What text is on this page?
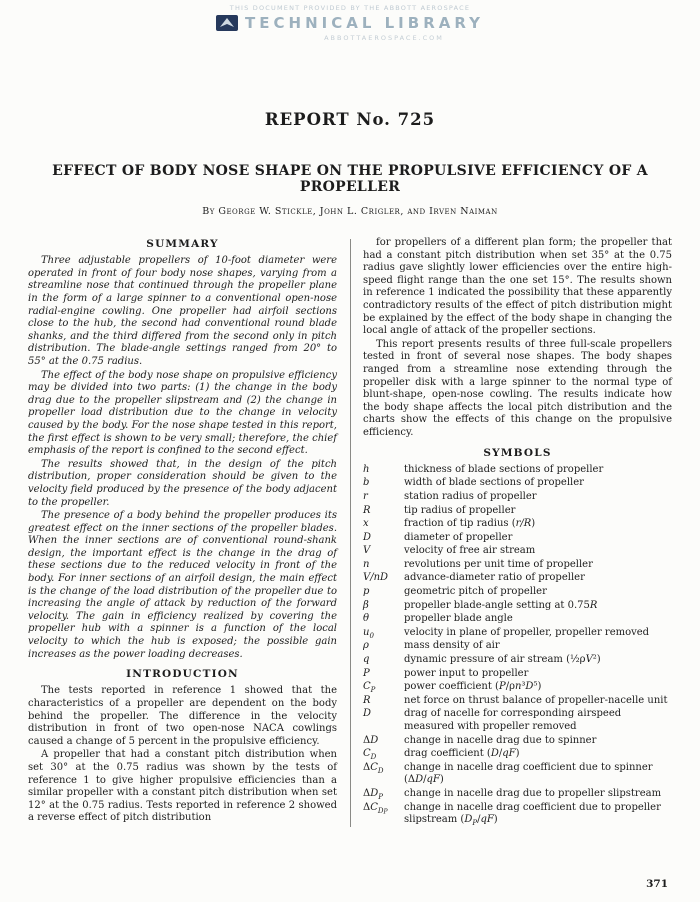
THIS DOCUMENT PROVIDED BY THE ABBOTT AEROSPACE
TECHNICAL LIBRARY
ABBOTTAEROSPACE.COM
REPORT No. 725
EFFECT OF BODY NOSE SHAPE ON THE PROPULSIVE EFFICIENCY OF A PROPELLER
By George W. Stickle, John L. Crigler, and Irven Naiman
SUMMARY

Three adjustable propellers of 10-foot diameter were operated in front of four body nose shapes, varying from a streamline nose that continued through the propeller plane in the form of a large spinner to a conventional open-nose radial-engine cowling. One propeller had airfoil sections close to the hub, the second had conventional round blade shanks, and the third differed from the second only in pitch distribution. The blade-angle settings ranged from 20° to 55° at the 0.75 radius.

The effect of the body nose shape on propulsive efficiency may be divided into two parts: (1) the change in the body drag due to the propeller slipstream and (2) the change in propeller load distribution due to the change in velocity caused by the body. For the nose shape tested in this report, the first effect is shown to be very small; therefore, the chief emphasis of the report is confined to the second effect.

The results showed that, in the design of the pitch distribution, proper consideration should be given to the velocity field produced by the presence of the body adjacent to the propeller.

The presence of a body behind the propeller produces its greatest effect on the inner sections of the propeller blades. When the inner sections are of conventional round-shank design, the important effect is the change in the drag of these sections due to the reduced velocity in front of the body. For inner sections of an airfoil design, the main effect is the change of the load distribution of the propeller due to increasing the angle of attack by reduction of the forward velocity. The gain in efficiency realized by covering the propeller hub with a spinner is a function of the local velocity to which the hub is exposed; the possible gain increases as the power loading decreases.

INTRODUCTION

The tests reported in reference 1 showed that the characteristics of a propeller are dependent on the body behind the propeller. The difference in the velocity distribution in front of two open-nose NACA cowlings caused a change of 5 percent in the propulsive efficiency.

A propeller that had a constant pitch distribution when set 30° at the 0.75 radius was shown by the tests of reference 1 to give higher propulsive efficiencies than a similar propeller with a constant pitch distribution when set 12° at the 0.75 radius. Tests reported in reference 2 showed a reverse effect of pitch distribution

for propellers of a different plan form; the propeller that had a constant pitch distribution when set 35° at the 0.75 radius gave slightly lower efficiencies over the entire high-speed flight range than the one set 15°. The results shown in reference 1 indicated the possibility that these apparently contradictory results of the effect of pitch distribution might be explained by the effect of the body shape in changing the local angle of attack of the propeller sections.

This report presents results of three full-scale propellers tested in front of several nose shapes. The body shapes ranged from a streamline nose extending through the propeller disk with a large spinner to the normal type of blunt-shape, open-nose cowling. The results indicate how the body shape affects the local pitch distribution and the charts show the effects of this change on the propulsive efficiency.

SYMBOLS
h	thickness of blade sections of propeller
b	width of blade sections of propeller
r	station radius of propeller
R	tip radius of propeller
x	fraction of tip radius (r/R)
D	diameter of propeller
V	velocity of free air stream
n	revolutions per unit time of propeller
V/nD	advance-diameter ratio of propeller
p	geometric pitch of propeller
β	propeller blade-angle setting at 0.75R
θ	propeller blade angle
$u_0$	velocity in plane of propeller, propeller removed
ρ	mass density of air
q	dynamic pressure of air stream (½ρV²)
P	power input to propeller
$C_P$	power coefficient (P/ρn³D⁵)
R	net force on thrust balance of propeller-nacelle unit
D	drag of nacelle for corresponding airspeed measured with propeller removed
ΔD	change in nacelle drag due to spinner
$C_D$	drag coefficient (D/qF)
$\Delta C_D$	change in nacelle drag coefficient due to spinner (ΔD/qF)
$\Delta D_P$	change in nacelle drag due to propeller slipstream
$\Delta C_{DP}$	change in nacelle drag coefficient due to propeller slipstream $(D_P/qF)$
371
